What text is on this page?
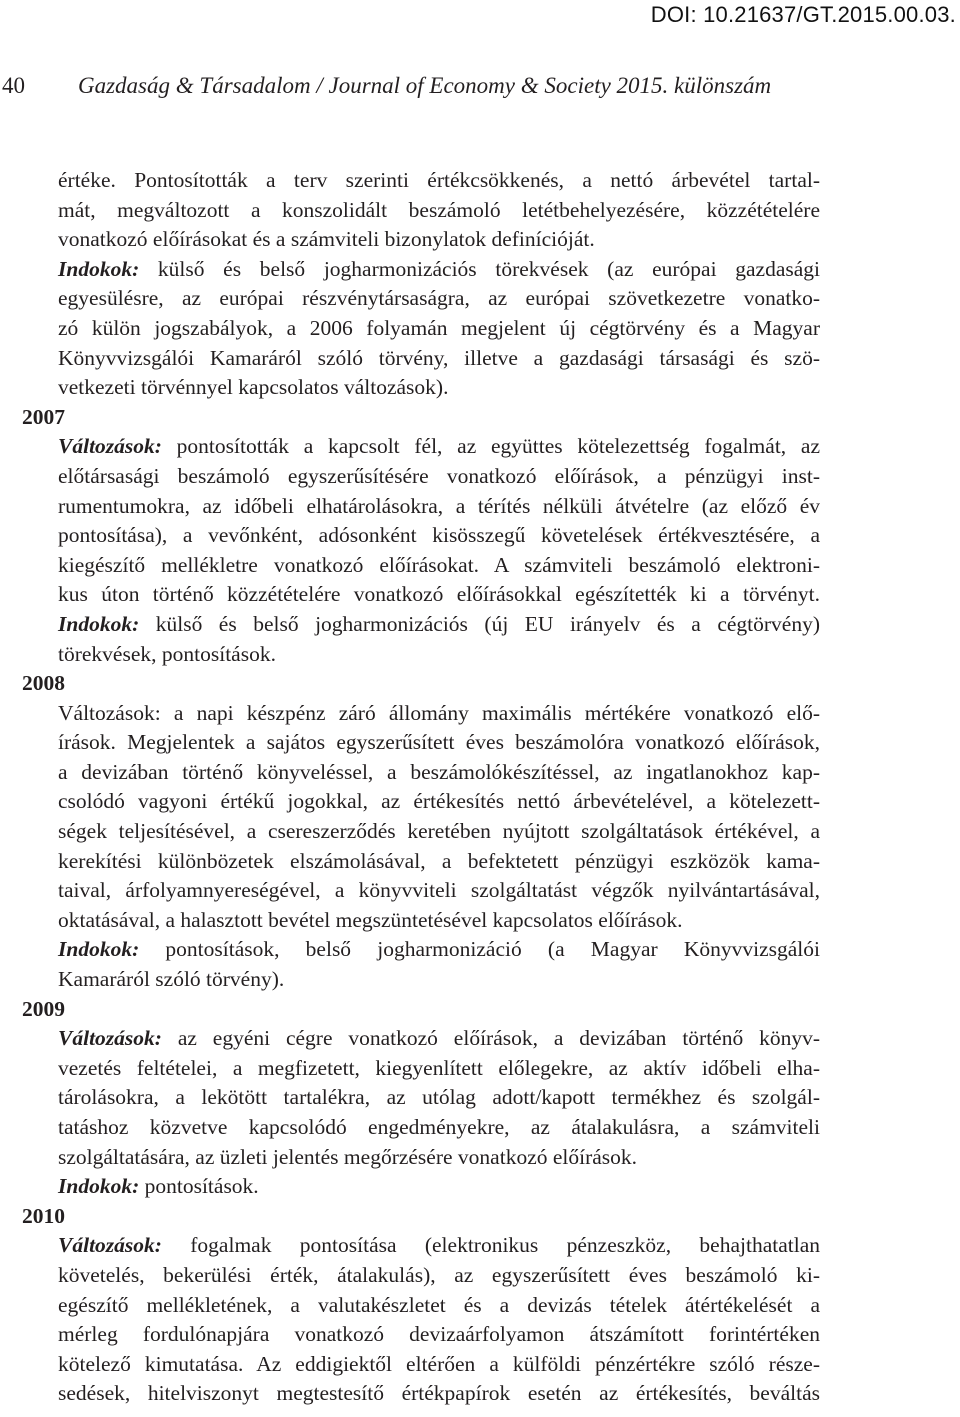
DOI: 10.21637/GT.2015.00.03.
40 Gazdaság & Társadalom / Journal of Economy & Society 2015. különszám
értéke. Pontosították a terv szerinti értékcsökkenés, a nettó árbevétel tartal-
mát, megváltozott a konszolidált beszámoló letétbehelyezésére, közzétételére
vonatkozó előírásokat és a számviteli bizonylatok definícióját.
Indokok: külső és belső jogharmonizációs törekvések (az európai gazdasági
egyesülésre, az európai részvénytársaságra, az európai szövetkezetre vonatko-
zó külön jogszabályok, a 2006 folyamán megjelent új cégtörvény és a Magyar
Könyvvizsgálói Kamaráról szóló törvény, illetve a gazdasági társasági és szö-
vetkezeti törvénnyel kapcsolatos változások).
2007
Változások: pontosították a kapcsolt fél, az együttes kötelezettség fogalmát, az
előtársasági beszámoló egyszerűsítésére vonatkozó előírások, a pénzügyi inst-
rumentumokra, az időbeli elhatárolásokra, a térítés nélküli átvételre (az előző év
pontosítása), a vevőnként, adósonként kisösszegű követelések értékvesztésére, a
kiegészítő mellékletre vonatkozó előírásokat. A számviteli beszámoló elektroni-
kus úton történő közzétételére vonatkozó előírásokkal egészítették ki a törvényt.
Indokok: külső és belső jogharmonizációs (új EU irányelv és a cégtörvény)
törekvések, pontosítások.
2008
Változások: a napi készpénz záró állomány maximális mértékére vonatkozó elő-
írások. Megjelentek a sajátos egyszerűsített éves beszámolóra vonatkozó előírások,
a devizában történő könyveléssel, a beszámolókészítéssel, az ingatlanokhoz kap-
csolódó vagyoni értékű jogokkal, az értékesítés nettó árbevételével, a kötelezett-
ségek teljesítésével, a csereszerződés keretében nyújtott szolgáltatások értékével, a
kerekítési különbözetek elszámolásával, a befektetett pénzügyi eszközök kama-
taival, árfolyamnyereségével, a könyvviteli szolgáltatást végzők nyilvántartásával,
oktatásával, a halasztott bevétel megszüntetésével kapcsolatos előírások.
Indokok: pontosítások, belső jogharmonizáció (a Magyar Könyvvizsgálói
Kamaráról szóló törvény).
2009
Változások: az egyéni cégre vonatkozó előírások, a devizában történő könyv-
vezetés feltételei, a megfizetett, kiegyenlített előlegekre, az aktív időbeli elha-
tárolásokra, a lekötött tartalékra, az utólag adott/kapott termékhez és szolgál-
tatáshoz közvetve kapcsolódó engedményekre, az átalakulásra, a számviteli
szolgáltatására, az üzleti jelentés megőrzésére vonatkozó előírások.
Indokok: pontosítások.
2010
Változások: fogalmak pontosítása (elektronikus pénzeszköz, behajthatatlan
követelés, bekerülési érték, átalakulás), az egyszerűsített éves beszámoló ki-
egészítő mellékletének, a valutakészletet és a devizás tételek átértékelését a
mérleg fordulónapjára vonatkozó devizaárfolyamon átszámított forintértéken
kötelező kimutatása. Az eddigiektől eltérően a külföldi pénzértékre szóló része-
sedések, hitelviszonyt megtestesítő értékpapírok esetén az értékesítés, beváltás
